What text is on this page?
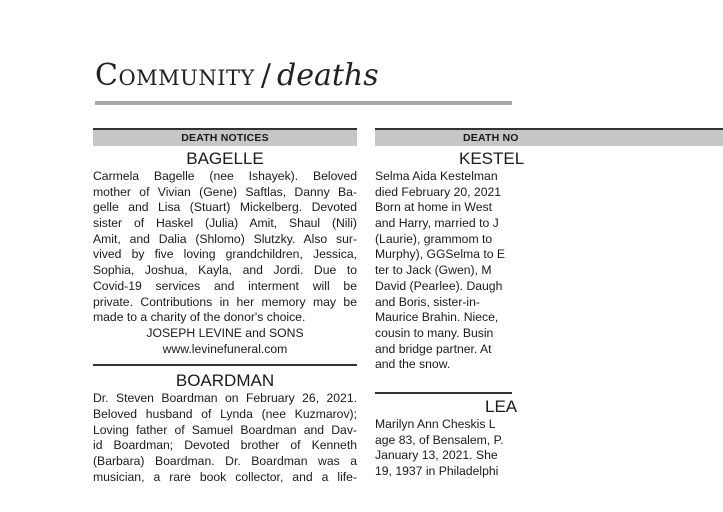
Community / deaths
DEATH NOTICES
BAGELLE
Carmela Bagelle (nee Ishayek). Beloved
mother of Vivian (Gene) Saftlas, Danny Ba-
gelle and Lisa (Stuart) Mickelberg. Devoted
sister of Haskel (Julia) Amit, Shaul (Nili)
Amit, and Dalia (Shlomo) Slutzky. Also sur-
vived by five loving grandchildren, Jessica,
Sophia, Joshua, Kayla, and Jordi. Due to
Covid-19 services and interment will be
private. Contributions in her memory may be
made to a charity of the donor's choice.
JOSEPH LEVINE and SONS
www.levinefuneral.com
BOARDMAN
Dr. Steven Boardman on February 26, 2021.
Beloved husband of Lynda (nee Kuzmarov);
Loving father of Samuel Boardman and Dav-
id Boardman; Devoted brother of Kenneth
(Barbara) Boardman. Dr. Boardman was a
musician, a rare book collector, and a life-
DEATH NO
KESTEL
Selma Aida Kestelman
died February 20, 2021
Born at home in West
and Harry, married to J
(Laurie), grammom to
Murphy), GGSelma to E
ter to Jack (Gwen), M
David (Pearlee). Daugh
and Boris, sister-in-
Maurice Brahin. Niece,
cousin to many. Busin
and bridge partner. At
and the snow.
LEA
Marilyn Ann Cheskis L
age 83, of Bensalem, P.
January 13, 2021. She
19, 1937 in Philadelphi
